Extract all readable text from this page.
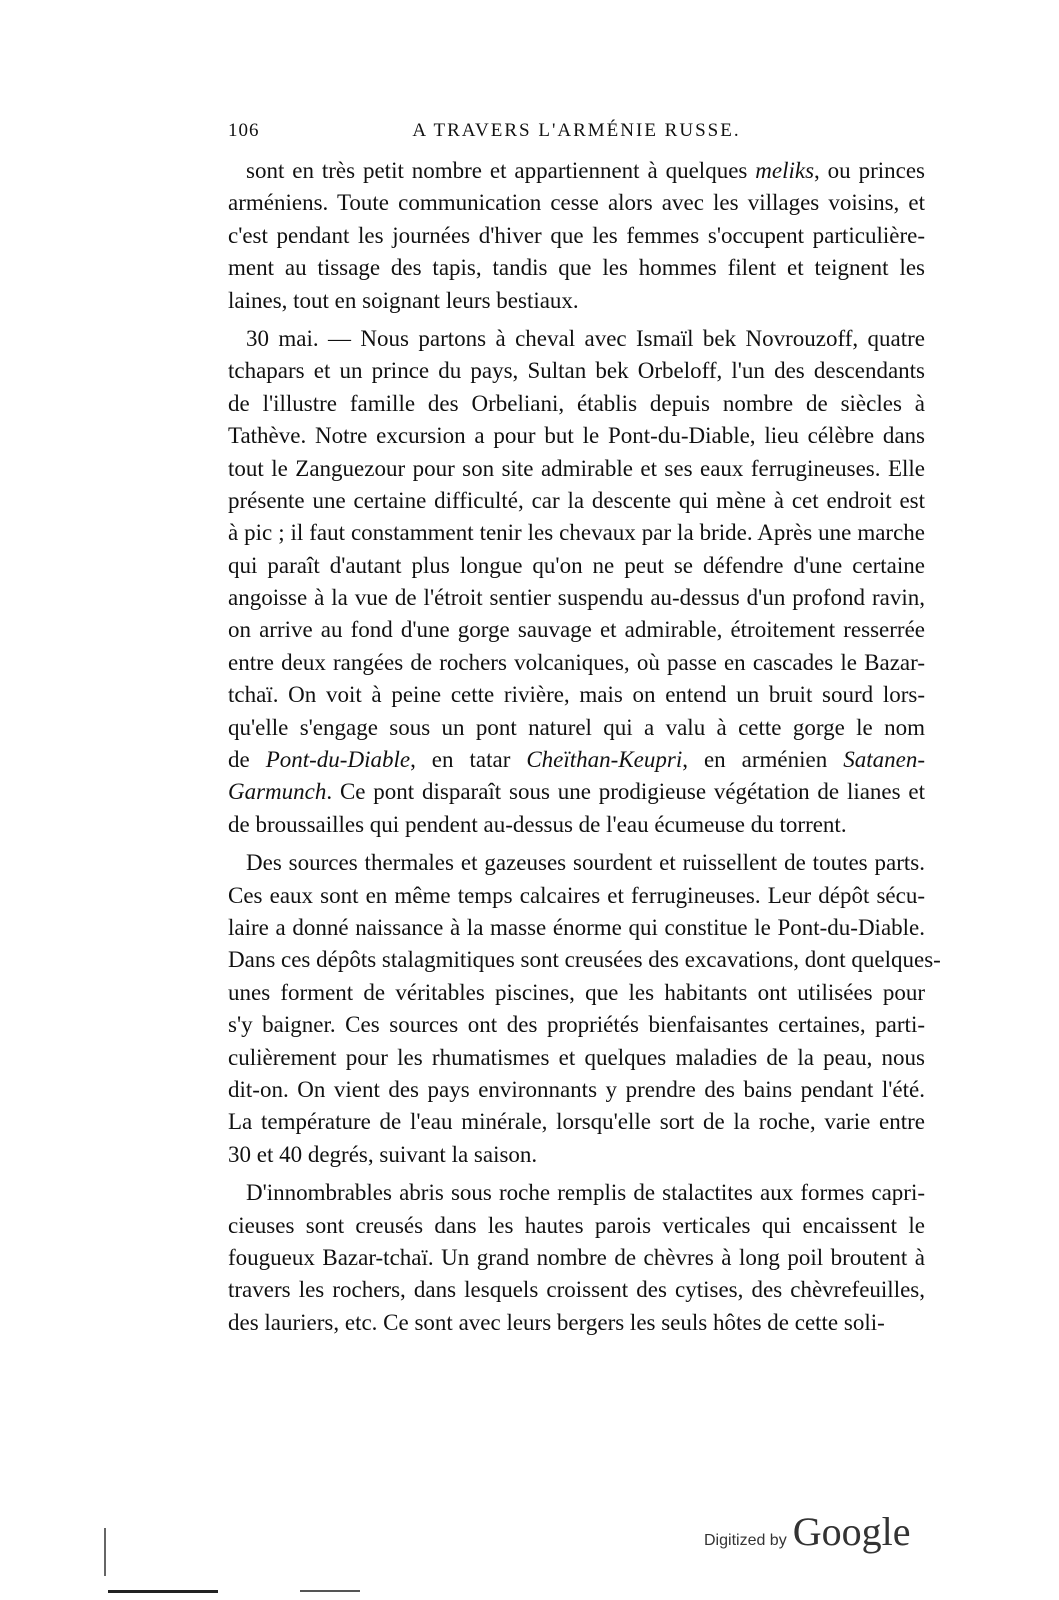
106	A TRAVERS L'ARMÉNIE RUSSE.
sont en très petit nombre et appartiennent à quelques meliks, ou princes
arméniens. Toute communication cesse alors avec les villages voisins, et
c'est pendant les journées d'hiver que les femmes s'occupent particulière-
ment au tissage des tapis, tandis que les hommes filent et teignent les
laines, tout en soignant leurs bestiaux.
30 mai. — Nous partons à cheval avec Ismaïl bek Novrouzoff, quatre
tchapars et un prince du pays, Sultan bek Orbeloff, l'un des descendants
de l'illustre famille des Orbeliani, établis depuis nombre de siècles à
Tathève. Notre excursion a pour but le Pont-du-Diable, lieu célèbre dans
tout le Zanguezour pour son site admirable et ses eaux ferrugineuses. Elle
présente une certaine difficulté, car la descente qui mène à cet endroit est
à pic ; il faut constamment tenir les chevaux par la bride. Après une marche
qui paraît d'autant plus longue qu'on ne peut se défendre d'une certaine
angoisse à la vue de l'étroit sentier suspendu au-dessus d'un profond ravin,
on arrive au fond d'une gorge sauvage et admirable, étroitement resserrée
entre deux rangées de rochers volcaniques, où passe en cascades le Bazar-
tchaï. On voit à peine cette rivière, mais on entend un bruit sourd lors-
qu'elle s'engage sous un pont naturel qui a valu à cette gorge le nom
de Pont-du-Diable, en tatar Cheïthan-Keupri, en arménien Satanen-
Garmunch. Ce pont disparaît sous une prodigieuse végétation de lianes et
de broussailles qui pendent au-dessus de l'eau écumeuse du torrent.
Des sources thermales et gazeuses sourdent et ruissellent de toutes parts.
Ces eaux sont en même temps calcaires et ferrugineuses. Leur dépôt sécu-
laire a donné naissance à la masse énorme qui constitue le Pont-du-Diable.
Dans ces dépôts stalagmitiques sont creusées des excavations, dont quelques-
unes forment de véritables piscines, que les habitants ont utilisées pour
s'y baigner. Ces sources ont des propriétés bienfaisantes certaines, parti-
culièrement pour les rhumatismes et quelques maladies de la peau, nous
dit-on. On vient des pays environnants y prendre des bains pendant l'été.
La température de l'eau minérale, lorsqu'elle sort de la roche, varie entre
30 et 40 degrés, suivant la saison.
D'innombrables abris sous roche remplis de stalactites aux formes capri-
cieuses sont creusés dans les hautes parois verticales qui encaissent le
fougueux Bazar-tchaï. Un grand nombre de chèvres à long poil broutent à
travers les rochers, dans lesquels croissent des cytises, des chèvrefeuilles,
des lauriers, etc. Ce sont avec leurs bergers les seuls hôtes de cette soli-
Digitized by Google
